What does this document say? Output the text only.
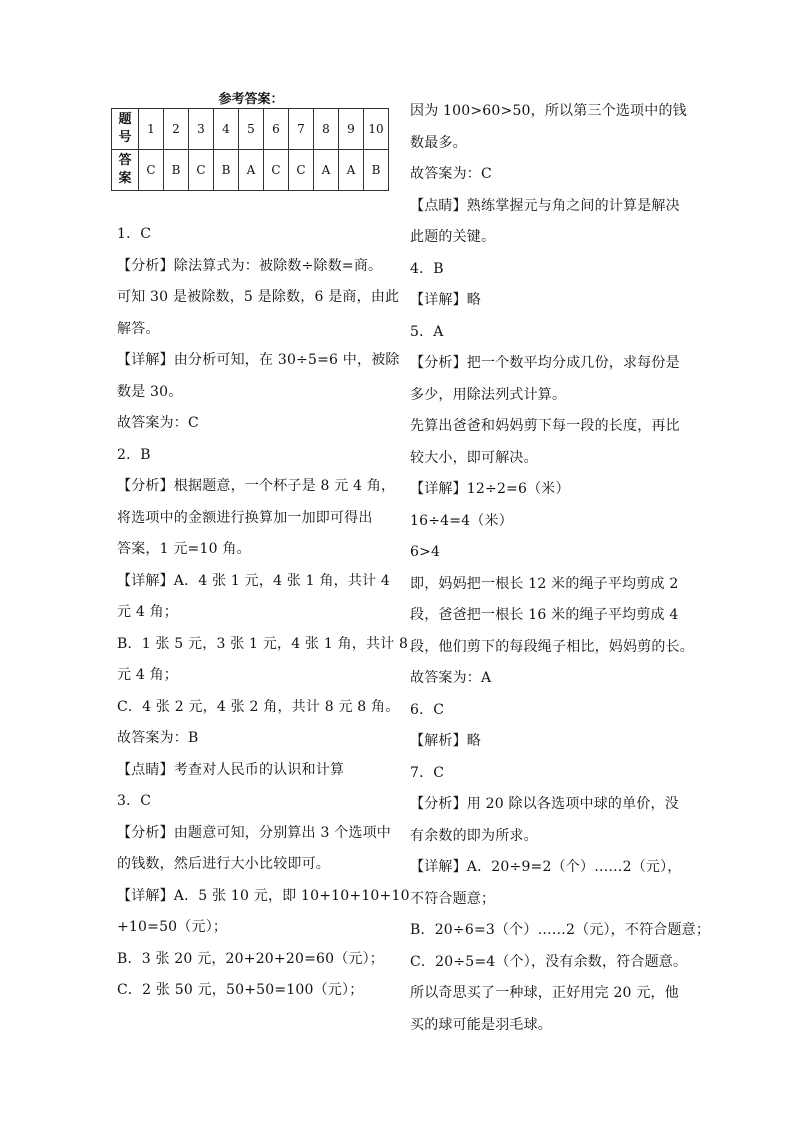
参考答案：
题
号	1	2	3	4	5	6	7	8	9	10
答
案	C	B	C	B	A	C	C	A	A	B
1．C
【分析】除法算式为：被除数÷除数=商。
可知 30 是被除数，5 是除数，6 是商，由此
解答。
【详解】由分析可知，在 30÷5=6 中，被除
数是 30。
故答案为：C
2．B
【分析】根据题意，一个杯子是 8 元 4 角，
将选项中的金额进行换算加一加即可得出
答案，1 元=10 角。
【详解】A．4 张 1 元，4 张 1 角，共计 4
元 4 角；
B．1 张 5 元，3 张 1 元，4 张 1 角，共计 8
元 4 角；
C．4 张 2 元，4 张 2 角，共计 8 元 8 角。
故答案为：B
【点睛】考查对人民币的认识和计算
3．C
【分析】由题意可知，分别算出 3 个选项中
的钱数，然后进行大小比较即可。
【详解】A．5 张 10 元，即 10+10+10+10
+10=50（元）；
B．3 张 20 元，20+20+20=60（元）；
C．2 张 50 元，50+50=100（元）；
因为 100>60>50，所以第三个选项中的钱
数最多。
故答案为：C
【点睛】熟练掌握元与角之间的计算是解决
此题的关键。
4．B
【详解】略
5．A
【分析】把一个数平均分成几份，求每份是
多少，用除法列式计算。
先算出爸爸和妈妈剪下每一段的长度，再比
较大小，即可解决。
【详解】12÷2=6（米）
16÷4=4（米）
6>4
即，妈妈把一根长 12 米的绳子平均剪成 2
段，爸爸把一根长 16 米的绳子平均剪成 4
段，他们剪下的每段绳子相比，妈妈剪的长。
故答案为：A
6．C
【解析】略
7．C
【分析】用 20 除以各选项中球的单价，没
有余数的即为所求。
【详解】A．20÷9=2（个）……2（元），
不符合题意；
B．20÷6=3（个）……2（元），不符合题意；
C．20÷5=4（个），没有余数，符合题意。
所以奇思买了一种球，正好用完 20 元，他
买的球可能是羽毛球。
